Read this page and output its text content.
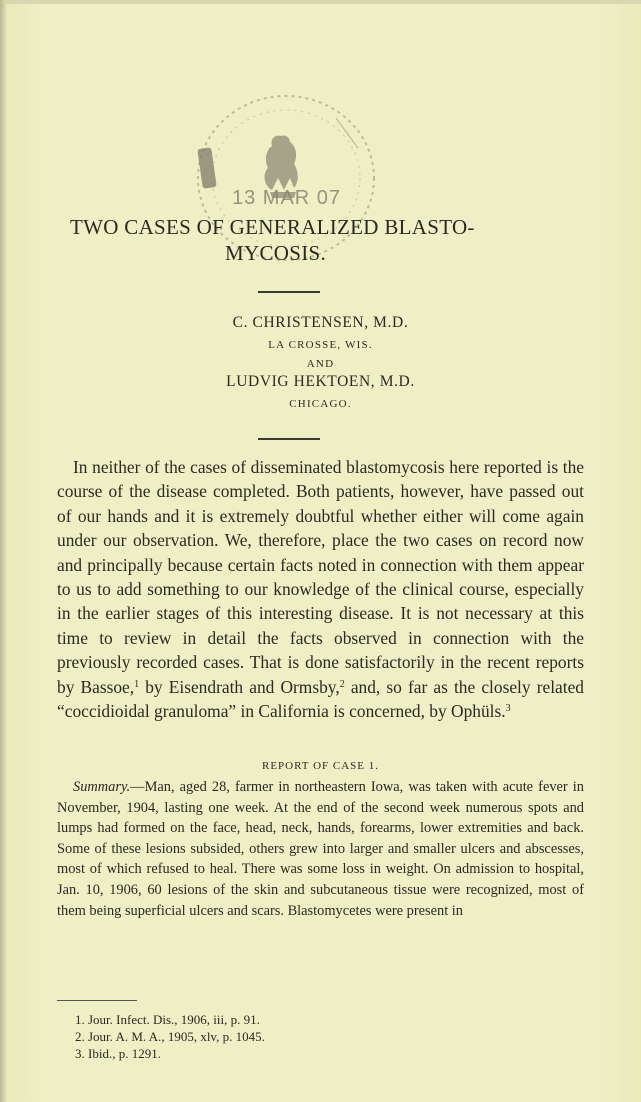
13 MAR 07
TWO CASES OF GENERALIZED BLASTO-
MYCOSIS.
C. CHRISTENSEN, M.D.
LA CROSSE, WIS.
AND
LUDVIG HEKTOEN, M.D.
CHICAGO.
In neither of the cases of disseminated blastomycosis here reported is the course of the disease completed. Both patients, however, have passed out of our hands and it is extremely doubtful whether either will come again under our observation. We, therefore, place the two cases on record now and principally because certain facts noted in connection with them appear to us to add something to our knowledge of the clinical course, especially in the earlier stages of this interesting disease. It is not necessary at this time to review in detail the facts observed in connection with the previously recorded cases. That is done satisfactorily in the recent reports by Bassoe,$^1$ by Eisendrath and Ormsby,$^2$ and, so far as the closely related “coccidioidal granuloma” in California is concerned, by Ophüls.$^3$
REPORT OF CASE 1.
Summary.—Man, aged 28, farmer in northeastern Iowa, was taken with acute fever in November, 1904, lasting one week. At the end of the second week numerous spots and lumps had formed on the face, head, neck, hands, forearms, lower extremities and back. Some of these lesions subsided, others grew into larger and smaller ulcers and abscesses, most of which refused to heal. There was some loss in weight. On admission to hospital, Jan. 10, 1906, 60 lesions of the skin and subcutaneous tissue were recognized, most of them being superficial ulcers and scars. Blastomycetes were present in
1. Jour. Infect. Dis., 1906, iii, p. 91.
2. Jour. A. M. A., 1905, xlv, p. 1045.
3. Ibid., p. 1291.
